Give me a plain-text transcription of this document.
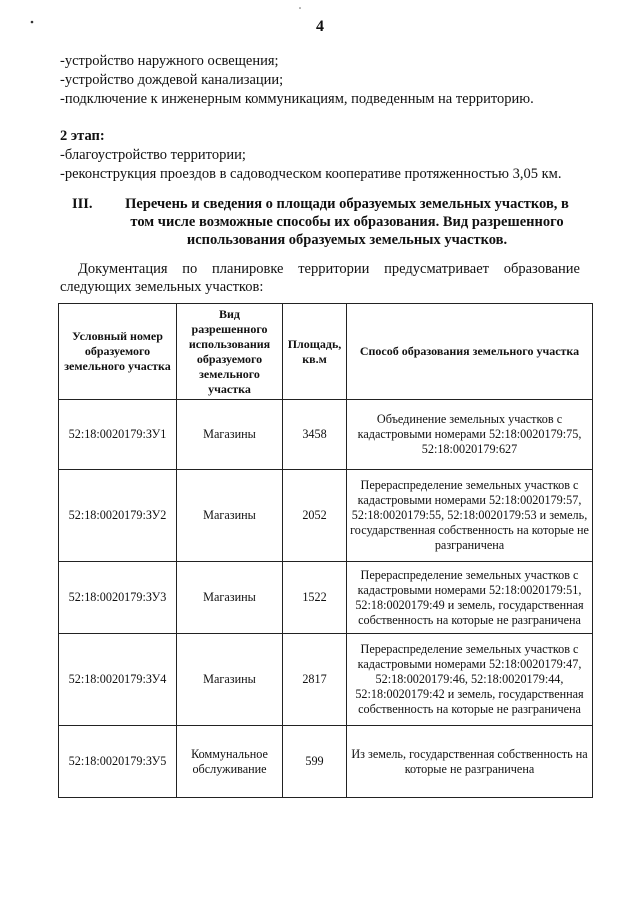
4
-устройство наружного освещения;
-устройство дождевой канализации;
-подключение к инженерным коммуникациям, подведенным на территорию.
2 этап:
-благоустройство территории;
-реконструкция проездов в садоводческом кооперативе протяженностью 3,05 км.
III.	Перечень и сведения о площади образуемых земельных участков, в том числе возможные способы их образования. Вид разрешенного использования образуемых земельных участков.
Документация по планировке территории предусматривает образование следующих земельных участков:
Условный номер образуемого земельного участка	Вид разрешенного использования образуемого земельного участка	Площадь, кв.м	Способ образования земельного участка
52:18:0020179:ЗУ1	Магазины	3458	Объединение земельных участков с кадастровыми номерами 52:18:0020179:75, 52:18:0020179:627
52:18:0020179:ЗУ2	Магазины	2052	Перераспределение земельных участков с кадастровыми номерами 52:18:0020179:57, 52:18:0020179:55, 52:18:0020179:53 и земель, государственная собственность на которые не разграничена
52:18:0020179:ЗУ3	Магазины	1522	Перераспределение земельных участков с кадастровыми номерами 52:18:0020179:51, 52:18:0020179:49 и земель, государственная собственность на которые не разграничена
52:18:0020179:ЗУ4	Магазины	2817	Перераспределение земельных участков с кадастровыми номерами 52:18:0020179:47, 52:18:0020179:46, 52:18:0020179:44, 52:18:0020179:42 и земель, государственная собственность на которые не разграничена
52:18:0020179:ЗУ5	Коммунальное обслуживание	599	Из земель, государственная собственность на которые не разграничена
